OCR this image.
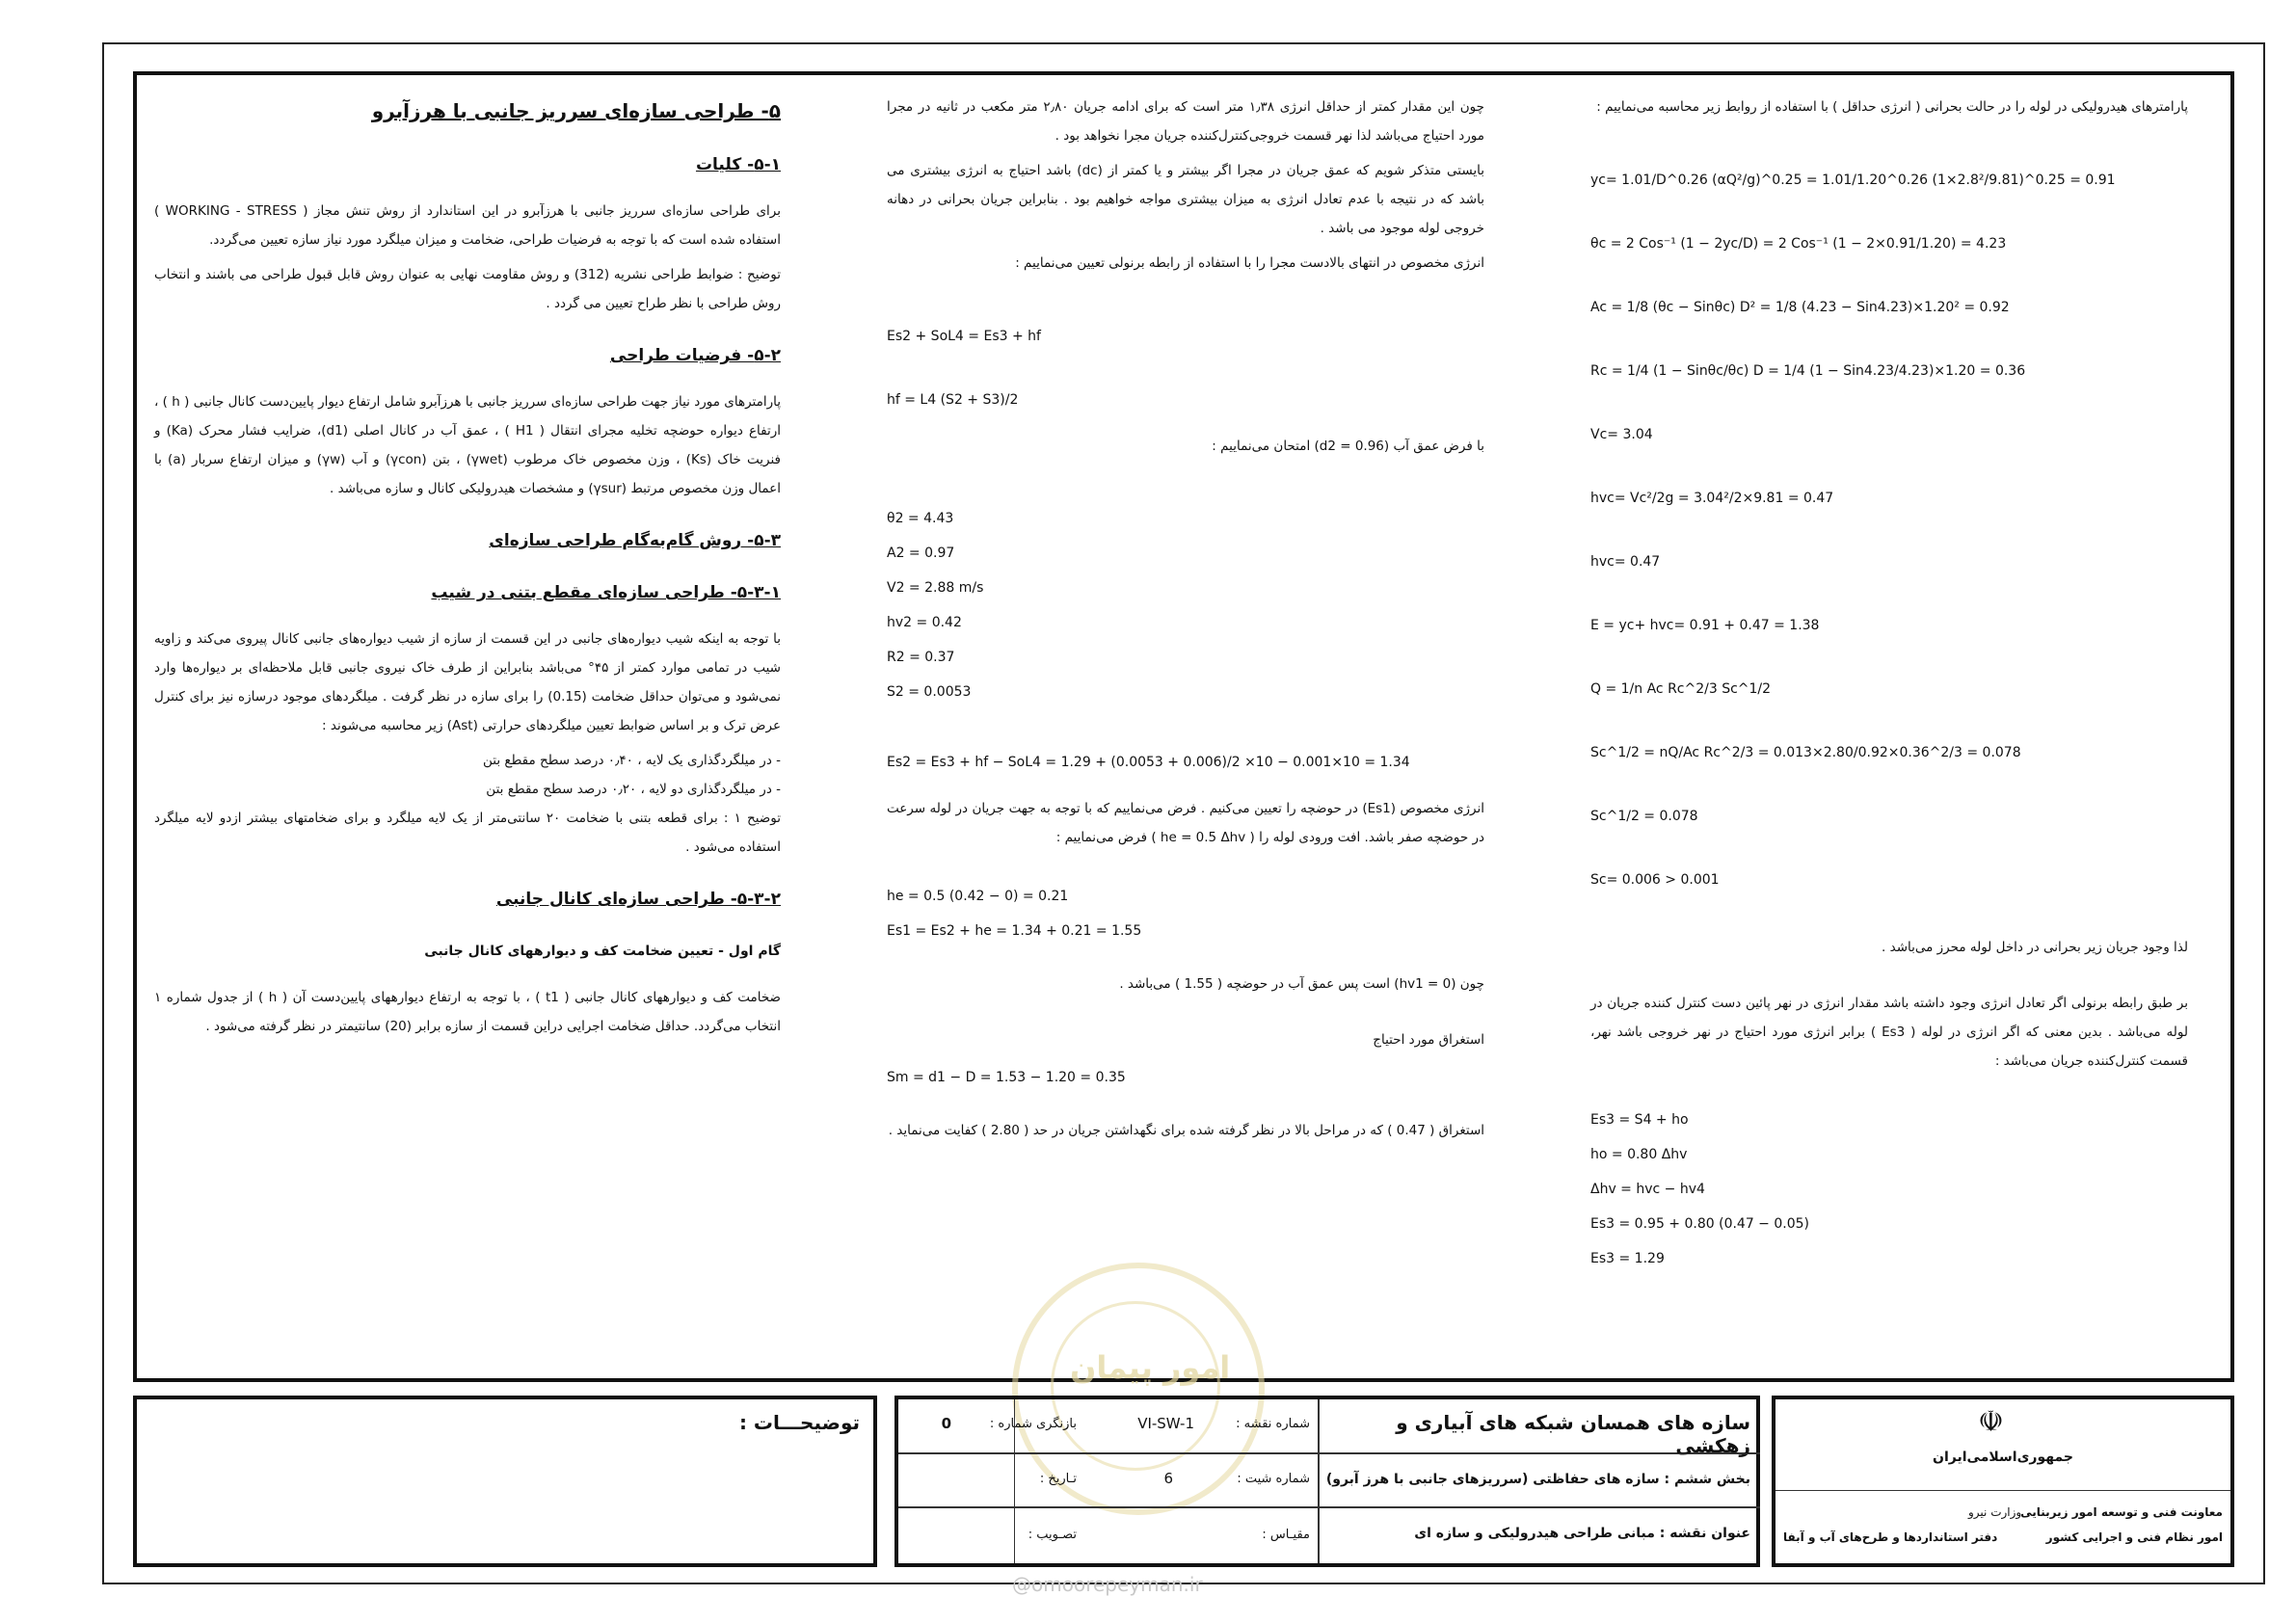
پارامترهای هیدرولیکی در لوله را در حالت بحرانی ( انرژی حداقل ) با استفاده از روابط زیر محاسبه می‌نماییم :

yc= 1.01/D^0.26 (αQ²/g)^0.25 = 1.01/1.20^0.26 (1×2.8²/9.81)^0.25 = 0.91

θc = 2 Cos⁻¹ (1 − 2yc/D) = 2 Cos⁻¹ (1 − 2×0.91/1.20) = 4.23

Ac = 1/8 (θc − Sinθc) D² = 1/8 (4.23 − Sin4.23)×1.20² = 0.92

Rc = 1/4 (1 − Sinθc/θc) D = 1/4 (1 − Sin4.23/4.23)×1.20 = 0.36

Vc= 3.04

hvc= Vc²/2g = 3.04²/2×9.81 = 0.47

hvc= 0.47

E = yc+ hvc= 0.91 + 0.47 = 1.38

Q = 1/n Ac Rc^2/3 Sc^1/2

Sc^1/2 = nQ/Ac Rc^2/3 = 0.013×2.80/0.92×0.36^2/3 = 0.078

Sc^1/2 = 0.078

Sc= 0.006 > 0.001

لذا وجود جریان زیر بحرانی در داخل لوله محرز می‌باشد .

بر طبق رابطه برنولی اگر تعادل انرژی وجود داشته باشد مقدار انرژی در نهر پائین دست کنترل کننده جریان در لوله می‌باشد . بدین معنی که اگر انرژی در لوله ( Es3 ) برابر انرژی مورد احتیاج در نهر خروجی باشد نهر، قسمت کنترل‌کننده جریان می‌باشد :

Es3 = S4 + ho

ho = 0.80 Δhv

Δhv = hvc − hv4

Es3 = 0.95 + 0.80 (0.47 − 0.05)

Es3 = 1.29

چون این مقدار کمتر از حداقل انرژی ۱٫۳۸ متر است که برای ادامه جریان ۲٫۸۰ متر مکعب در ثانیه در مجرا مورد احتیاج می‌باشد لذا نهر قسمت خروجی‌کنترل‌کننده جریان مجرا نخواهد بود .

بایستی متذکر شویم که عمق جریان در مجرا اگر بیشتر و یا کمتر از (dc) باشد احتیاج به انرژی بیشتری می باشد که در نتیجه با عدم تعادل انرژی به میزان بیشتری مواجه خواهیم بود . بنابراین جریان بحرانی در دهانه خروجی لوله موجود می باشد .

انرژی مخصوص در انتهای بالادست مجرا را با استفاده از رابطه برنولی تعیین می‌نماییم :

Es2 + SoL4 = Es3 + hf

hf = L4 (S2 + S3)/2

با فرض عمق آب (d2 = 0.96) امتحان می‌نماییم :

θ2 = 4.43

A2 = 0.97

V2 = 2.88 m/s

hv2 = 0.42

R2 = 0.37

S2 = 0.0053

Es2 = Es3 + hf − SoL4 = 1.29 + (0.0053 + 0.006)/2 ×10 − 0.001×10 = 1.34

انرژی مخصوص (Es1) در حوضچه را تعیین می‌کنیم . فرض می‌نماییم که با توجه به جهت جریان در لوله سرعت در حوضچه صفر باشد. افت ورودی لوله را ( he = 0.5 Δhv ) فرض می‌نماییم :

he = 0.5 (0.42 − 0) = 0.21

Es1 = Es2 + he = 1.34 + 0.21 = 1.55

چون (hv1 = 0) است پس عمق آب در حوضچه ( 1.55 ) می‌باشد .

استغراق مورد احتیاج

Sm = d1 − D = 1.53 − 1.20 = 0.35

استغراق ( 0.47 ) که در مراحل بالا در نظر گرفته شده برای نگهداشتن جریان در حد ( 2.80 ) کفایت می‌نماید .

۵- طراحی سازه‌ای سرریز جانبی با هرزآبرو
۵-۱- کلیات

برای طراحی سازه‌ای سرریز جانبی با هرزآبرو در این استاندارد از روش تنش مجاز ( WORKING - STRESS ) استفاده شده است که با توجه به فرضیات طراحی، ضخامت و میزان میلگرد مورد نیاز سازه تعیین می‌گردد.

توضیح : ضوابط طراحی نشریه (312) و روش مقاومت نهایی به عنوان روش قابل قبول طراحی می باشند و انتخاب روش طراحی با نظر طراح تعیین می گردد .

۵-۲- فرضیات طراحی

پارامترهای مورد نیاز جهت طراحی سازه‌ای سرریز جانبی با هرزآبرو شامل ارتفاع دیوار پایین‌دست کانال جانبی ( h ) ، ارتفاع دیواره حوضچه تخلیه مجرای انتقال ( H1 ) ، عمق آب در کانال اصلی (d1)، ضرایب فشار محرک (Ka) و فنریت خاک (Ks) ، وزن مخصوص خاک مرطوب (γwet) ، بتن (γcon) و آب (γw) و میزان ارتفاع سربار (a) با اعمال وزن مخصوص مرتبط (γsur) و مشخصات هیدرولیکی کانال و سازه می‌باشد .

۵-۳- روش گام‌به‌گام طراحی سازه‌ای
۵-۳-۱- طراحی سازه‌ای مقطع بتنی در شیب

با توجه به اینکه شیب دیواره‌های جانبی در این قسمت از سازه از شیب دیواره‌های جانبی کانال پیروی می‌کند و زاویه شیب در تمامی موارد کمتر از ۴۵° می‌باشد بنابراین از طرف خاک نیروی جانبی قابل ملاحظه‌ای بر دیواره‌ها وارد نمی‌شود و می‌توان حداقل ضخامت (0.15) را برای سازه در نظر گرفت . میلگردهای موجود درسازه نیز برای کنترل عرض ترک و بر اساس ضوابط تعیین میلگردهای حرارتی (Ast) زیر محاسبه می‌شوند :

- در میلگردگذاری یک لایه ، ۰٫۴۰ درصد سطح مقطع بتن

- در میلگردگذاری دو لایه ، ۰٫۲۰ درصد سطح مقطع بتن

توضیح ۱ : برای قطعه بتنی با ضخامت ۲۰ سانتی‌متر از یک لایه میلگرد و برای ضخامتهای بیشتر ازدو لایه میلگرد استفاده می‌شود .

۵-۳-۲- طراحی سازه‌ای کانال جانبی
گام اول - تعیین ضخامت کف و دیوارههای کانال جانبی

ضخامت کف و دیوارههای کانال جانبی ( t1 ) ، با توجه به ارتفاع دیوارههای پایین‌دست آن ( h ) از جدول شماره ۱ انتخاب می‌گردد. حداقل ضخامت اجرایی دراین قسمت از سازه برابر (20) سانتیمتر در نظر گرفته می‌شود .

امور پیمان
توضیحـــات :	سازه های همسان شبکه های آبیاری و زهکشی
بخش ششم : سازه های حفاظتی (سرریزهای جانبی با هرز آبرو)
عنوان نقشه : مبانی طراحی هیدرولیکی و سازه ای
شماره نقشه :
VI-SW-1
بازنگری شماره :
0
شماره شیت :
6
تـاریخ :
مقیـاس :
تصـویب :
☫
جمهوری‌اسلامی‌ایران
وزارت نیرو
معاونت فنی و توسعه امور زیربنایی
امور نظام فنی و اجرایی کشور
دفتر استانداردها و طرح‌های آب و آبفا
@omoorepeyman.ir
